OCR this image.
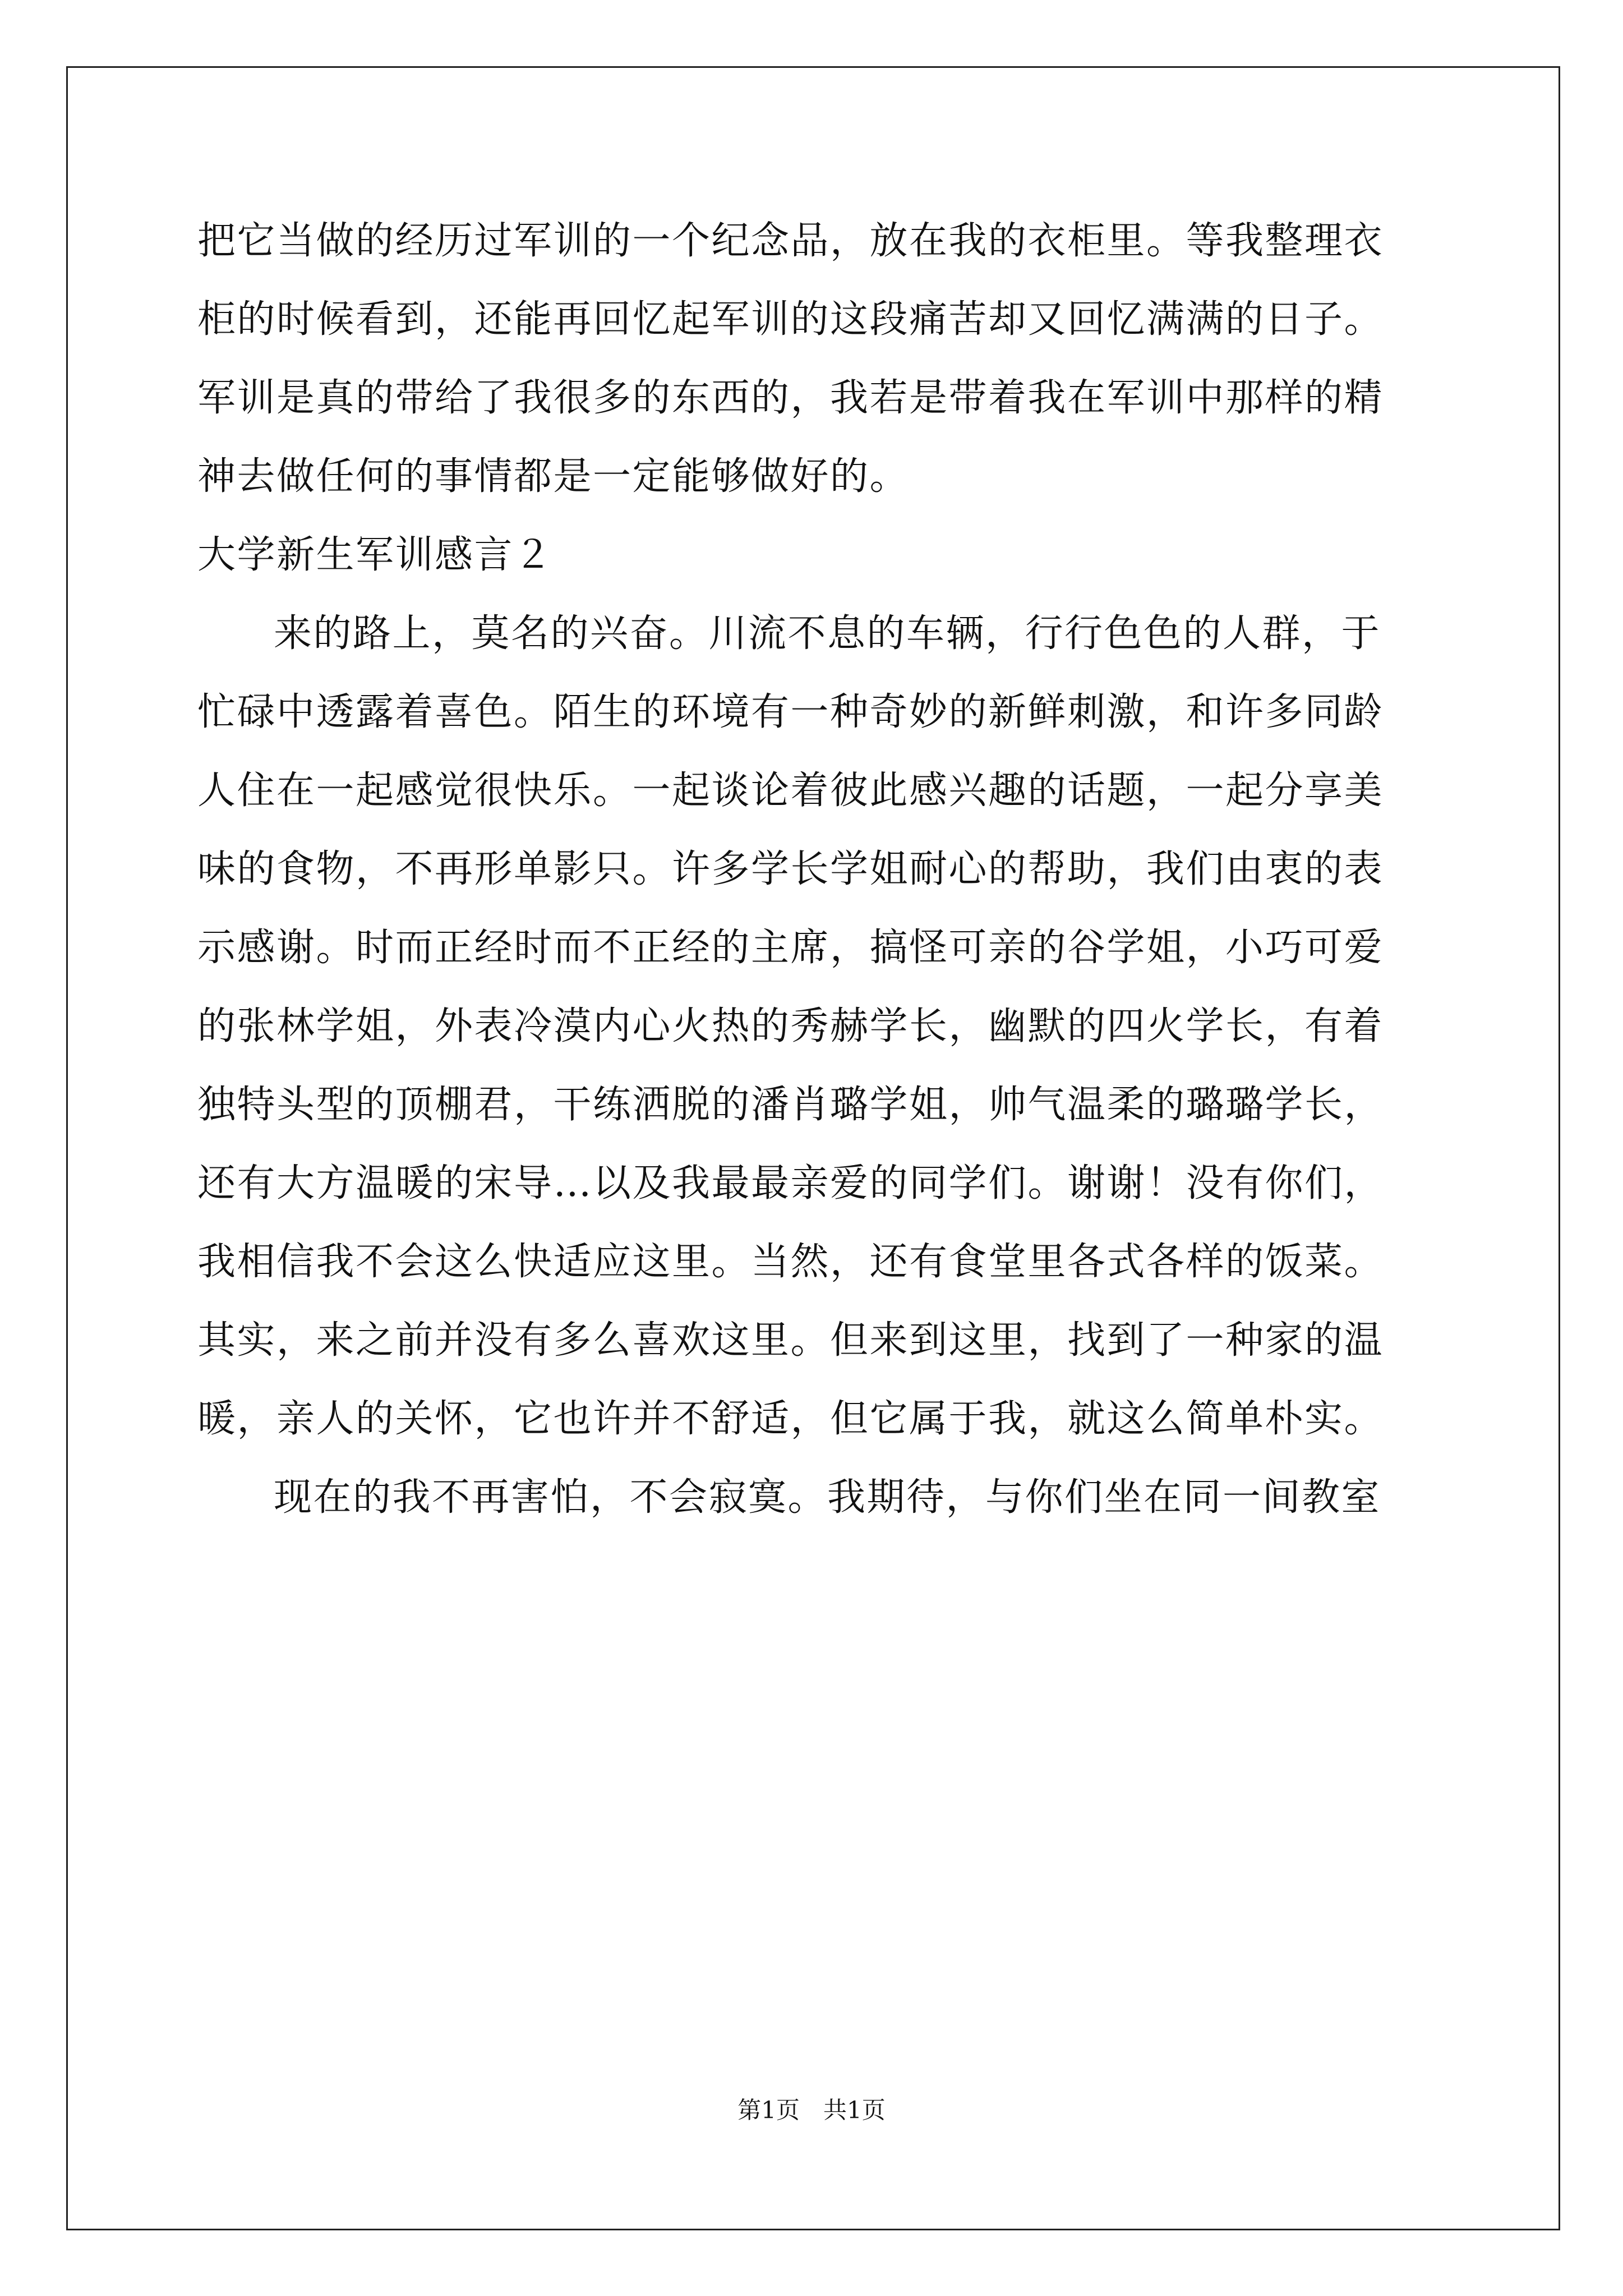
把它当做的经历过军训的一个纪念品，放在我的衣柜里。等我整理衣
柜的时候看到，还能再回忆起军训的这段痛苦却又回忆满满的日子。
军训是真的带给了我很多的东西的，我若是带着我在军训中那样的精
神去做任何的事情都是一定能够做好的。
大学新生军训感言２
来的路上，莫名的兴奋。川流不息的车辆，行行色色的人群，于
忙碌中透露着喜色。陌生的环境有一种奇妙的新鲜刺激，和许多同龄
人住在一起感觉很快乐。一起谈论着彼此感兴趣的话题，一起分享美
味的食物，不再形单影只。许多学长学姐耐心的帮助，我们由衷的表
示感谢。时而正经时而不正经的主席，搞怪可亲的谷学姐，小巧可爱
的张林学姐，外表冷漠内心火热的秀赫学长，幽默的四火学长，有着
独特头型的顶棚君，干练洒脱的潘肖璐学姐，帅气温柔的璐璐学长，
还有大方温暖的宋导…以及我最最亲爱的同学们。谢谢！没有你们，
我相信我不会这么快适应这里。当然，还有食堂里各式各样的饭菜。
其实，来之前并没有多么喜欢这里。但来到这里，找到了一种家的温
暖，亲人的关怀，它也许并不舒适，但它属于我，就这么简单朴实。
现在的我不再害怕，不会寂寞。我期待，与你们坐在同一间教室
第1页　共1页
